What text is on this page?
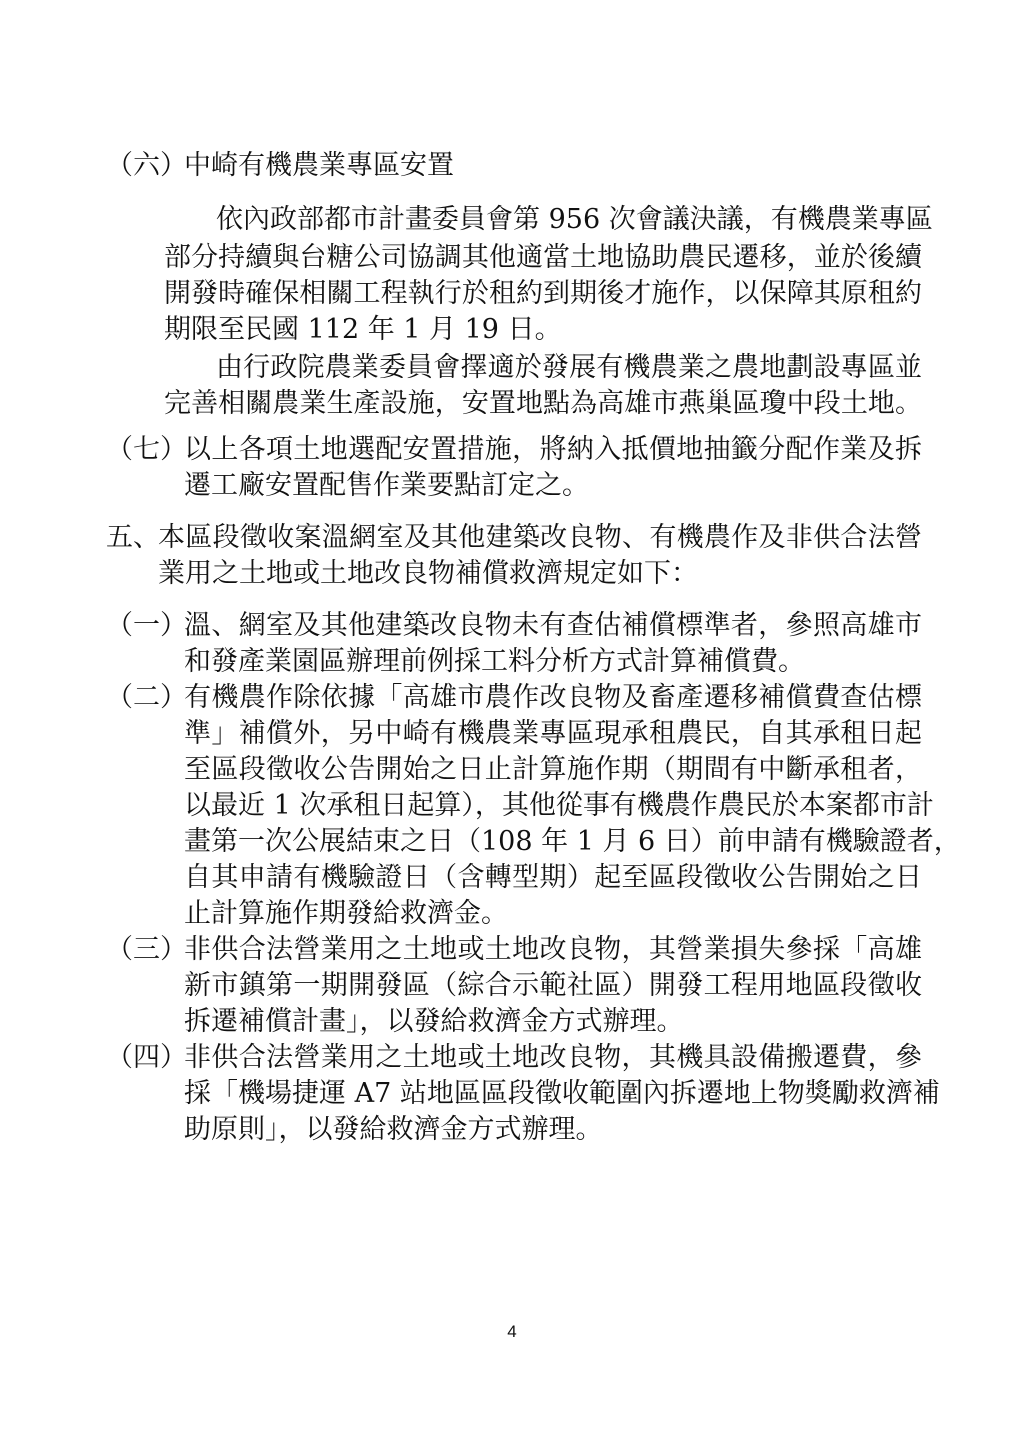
（六）
中崎有機農業專區安置
依內政部都市計畫委員會第 956 次會議決議，有機農業專區
部分持續與台糖公司協調其他適當土地協助農民遷移，並於後續
開發時確保相關工程執行於租約到期後才施作，以保障其原租約
期限至民國 112 年 1 月 19 日。
由行政院農業委員會擇適於發展有機農業之農地劃設專區並
完善相關農業生產設施，安置地點為高雄市燕巢區瓊中段土地。
（七）
以上各項土地選配安置措施，將納入抵價地抽籤分配作業及拆
遷工廠安置配售作業要點訂定之。
五、
本區段徵收案溫網室及其他建築改良物、有機農作及非供合法營
業用之土地或土地改良物補償救濟規定如下：
（一）
溫、網室及其他建築改良物未有查估補償標準者，參照高雄市
和發產業園區辦理前例採工料分析方式計算補償費。
（二）
有機農作除依據「高雄市農作改良物及畜產遷移補償費查估標
準」補償外，另中崎有機農業專區現承租農民，自其承租日起
至區段徵收公告開始之日止計算施作期（期間有中斷承租者，
以最近 1 次承租日起算），其他從事有機農作農民於本案都市計
畫第一次公展結束之日（108 年 1 月 6 日）前申請有機驗證者，
自其申請有機驗證日（含轉型期）起至區段徵收公告開始之日
止計算施作期發給救濟金。
（三）
非供合法營業用之土地或土地改良物，其營業損失參採「高雄
新市鎮第一期開發區（綜合示範社區）開發工程用地區段徵收
拆遷補償計畫」，以發給救濟金方式辦理。
（四）
非供合法營業用之土地或土地改良物，其機具設備搬遷費，參
採「機場捷運 A7 站地區區段徵收範圍內拆遷地上物獎勵救濟補
助原則」，以發給救濟金方式辦理。
4
